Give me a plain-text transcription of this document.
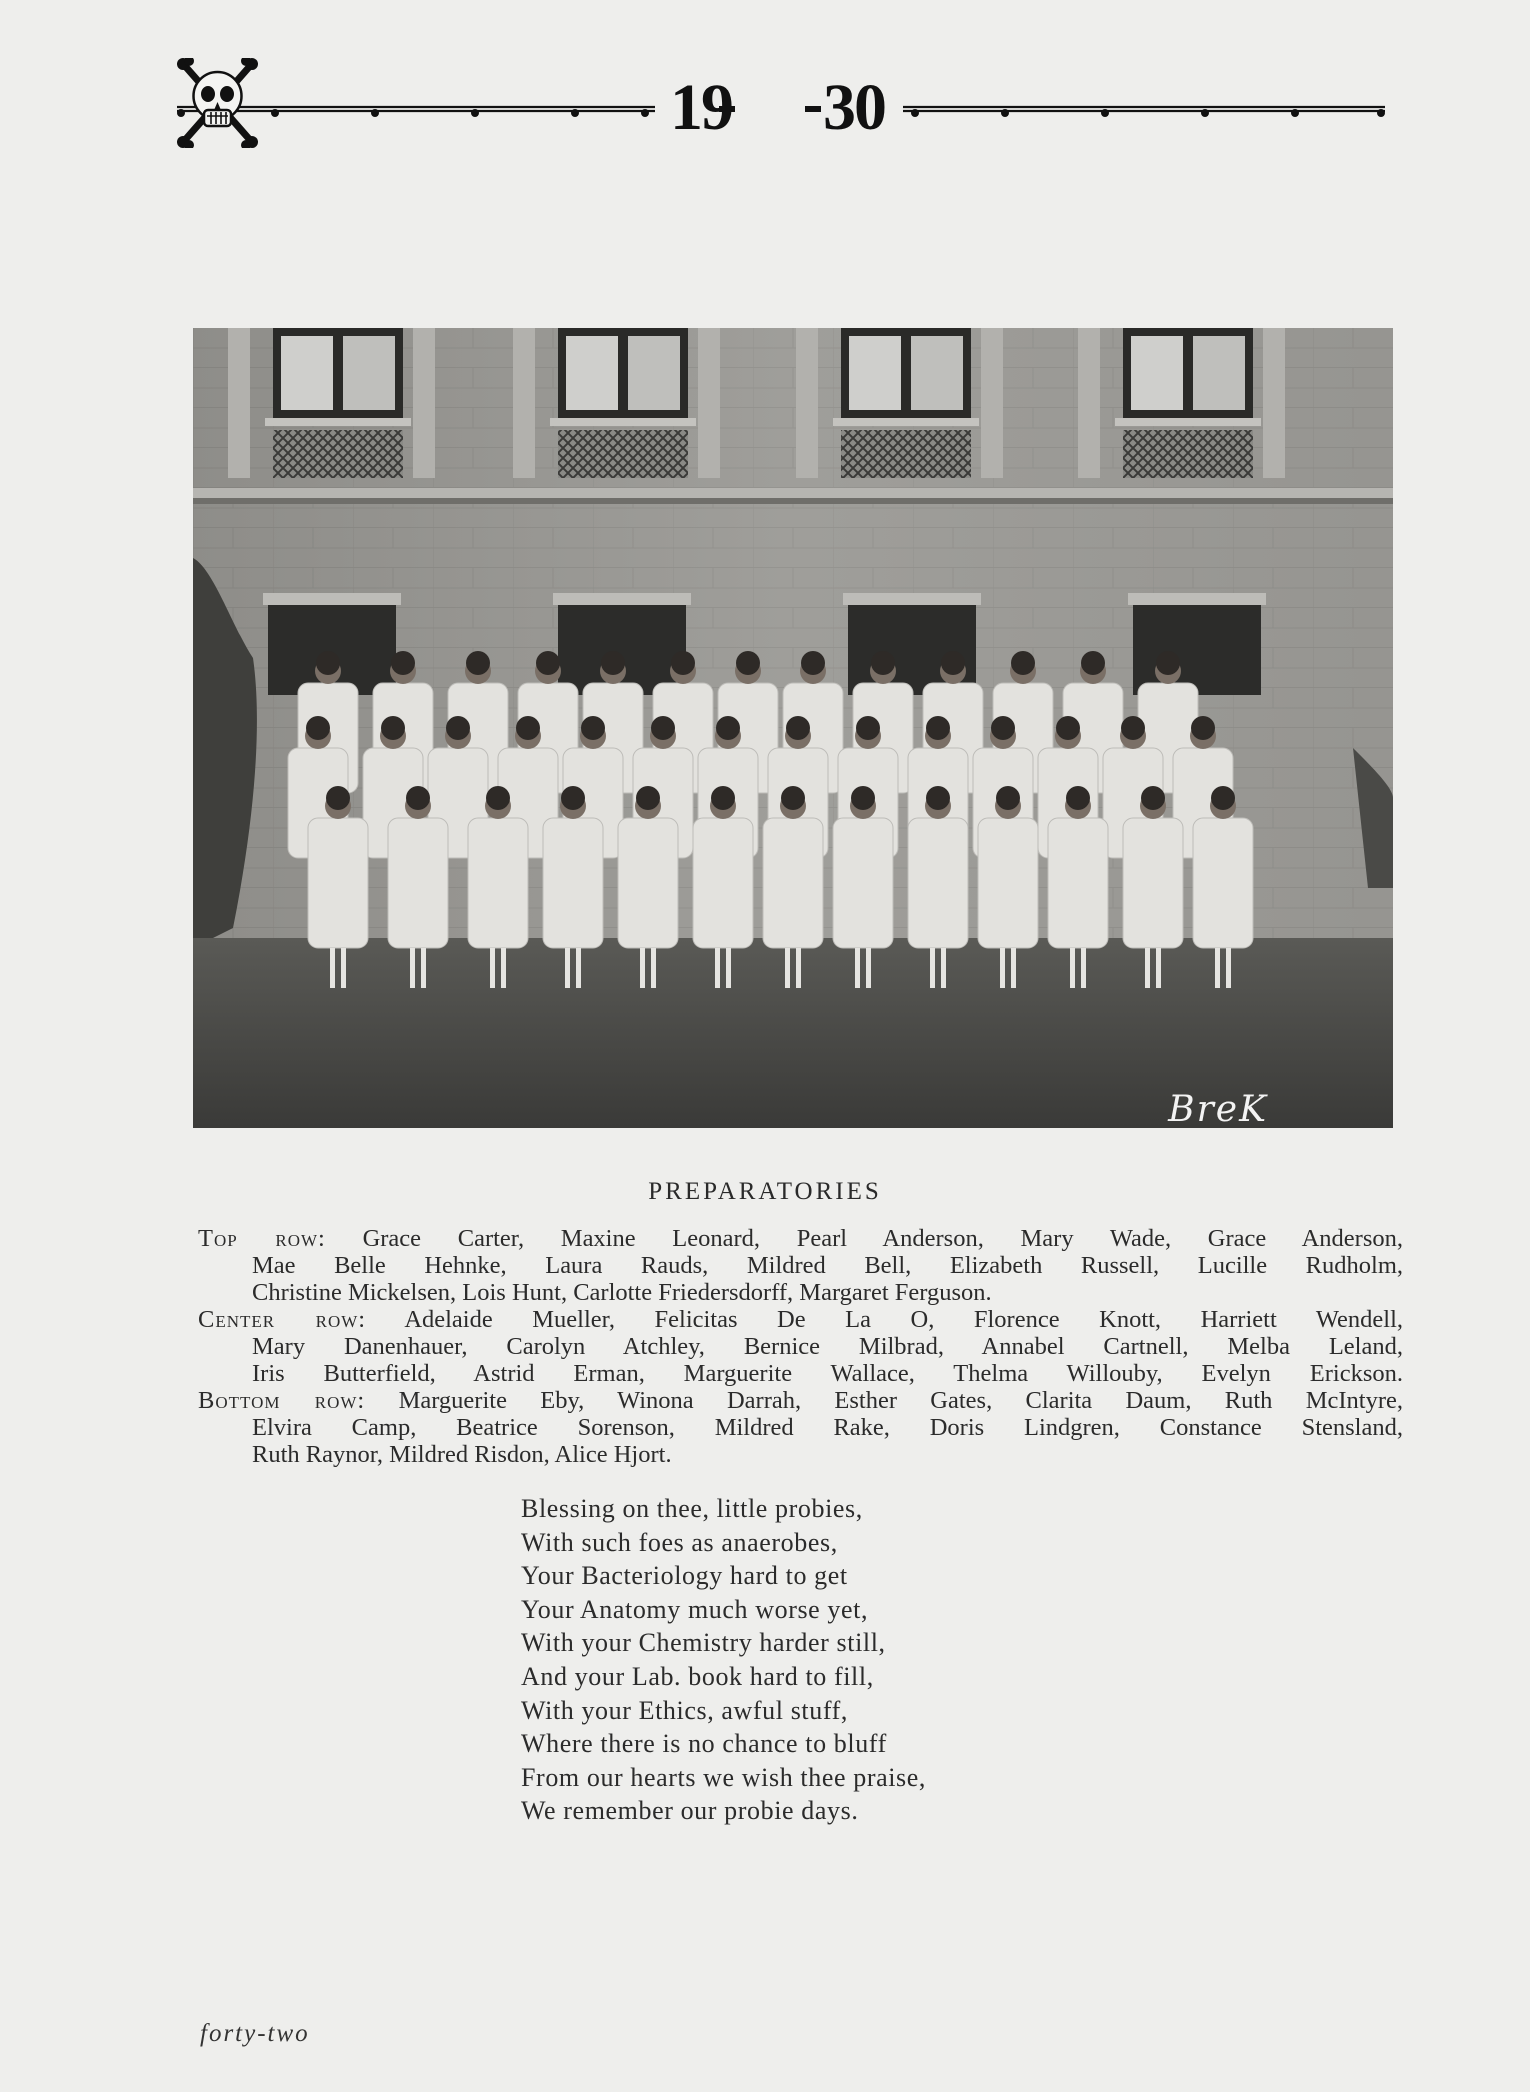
19 30
BreK
PREPARATORIES
Top row: Grace Carter, Maxine Leonard, Pearl Anderson, Mary Wade, Grace Anderson,
Mae Belle Hehnke, Laura Rauds, Mildred Bell, Elizabeth Russell, Lucille Rudholm,
Christine Mickelsen, Lois Hunt, Carlotte Friedersdorff, Margaret Ferguson.
Center row: Adelaide Mueller, Felicitas De La O, Florence Knott, Harriett Wendell,
Mary Danenhauer, Carolyn Atchley, Bernice Milbrad, Annabel Cartnell, Melba Leland,
Iris Butterfield, Astrid Erman, Marguerite Wallace, Thelma Willouby, Evelyn Erickson.
Bottom row: Marguerite Eby, Winona Darrah, Esther Gates, Clarita Daum, Ruth McIntyre,
Elvira Camp, Beatrice Sorenson, Mildred Rake, Doris Lindgren, Constance Stensland,
Ruth Raynor, Mildred Risdon, Alice Hjort.
Blessing on thee, little probies,
With such foes as anaerobes,
Your Bacteriology hard to get
Your Anatomy much worse yet,
With your Chemistry harder still,
And your Lab. book hard to fill,
With your Ethics, awful stuff,
Where there is no chance to bluff
From our hearts we wish thee praise,
We remember our probie days.
forty-two
